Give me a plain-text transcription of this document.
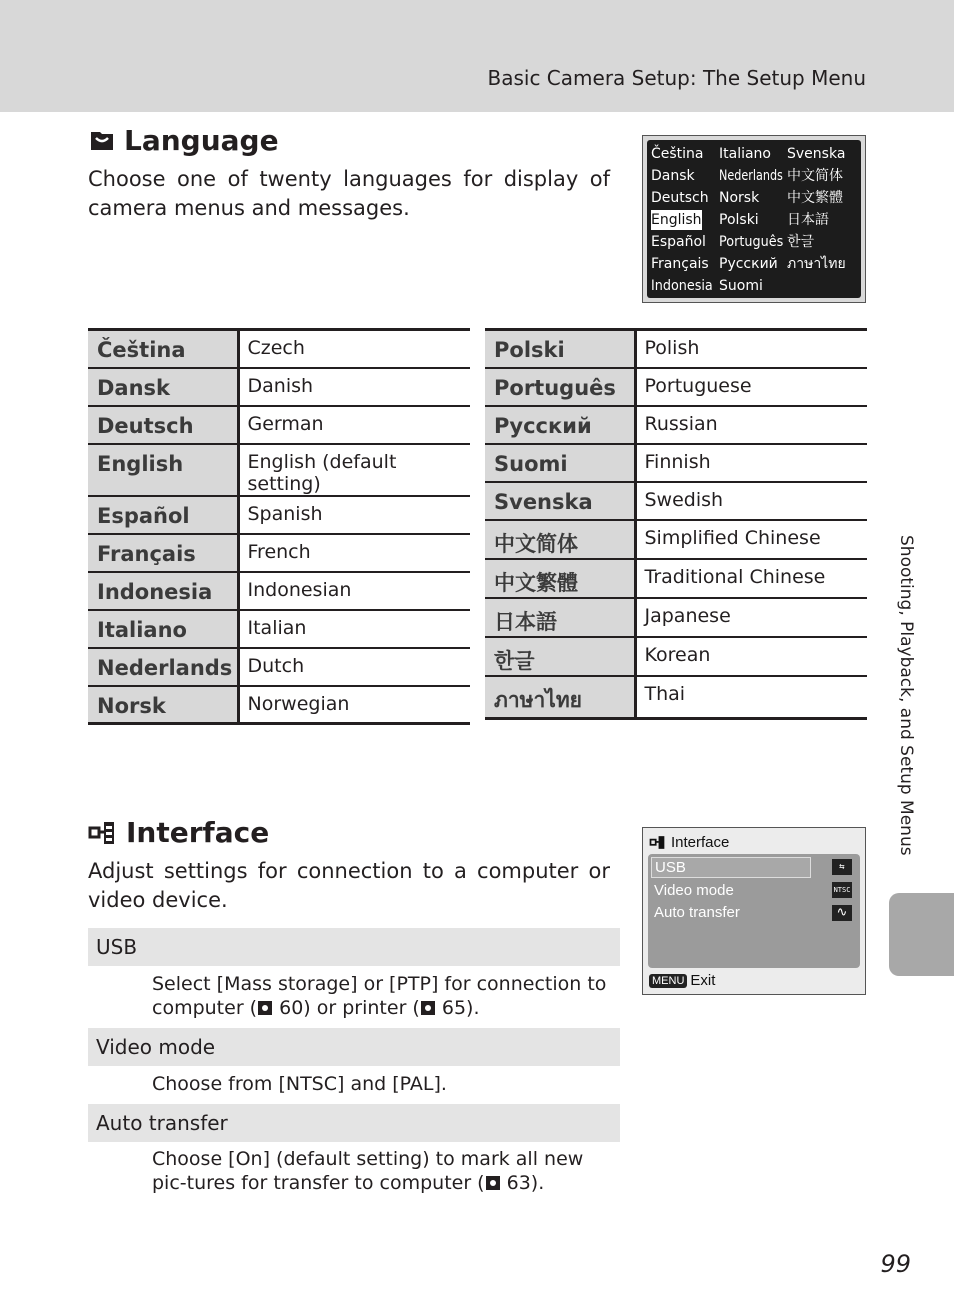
Basic Camera Setup: The Setup Menu
Language
Choose one of twenty languages for display of camera menus and messages.
Čeština
Dansk
Deutsch
English
Español
Français
Indonesia
Italiano
Nederlands
Norsk
Polski
Português
Русский
Suomi
Svenska
中文简体
中文繁體
日本語
한글
ภาษาไทย
Čeština	Czech
Dansk	Danish
Deutsch	German
English	English (default setting)
Español	Spanish
Français	French
Indonesia	Indonesian
Italiano	Italian
Nederlands	Dutch
Norsk	Norwegian
Polski	Polish
Português	Portuguese
Русский	Russian
Suomi	Finnish
Svenska	Swedish
中文简体	Simplified Chinese
中文繁體	Traditional Chinese
日本語	Japanese
한글	Korean
ภาษาไทย	Thai
Interface
Adjust settings for connection to a computer or video device.
Interface
USB
Video mode
Auto transfer
⇆
NTSC
∿
MENU Exit
USB
Select [Mass storage] or [PTP] for connection to computer ( 60) or printer ( 65).
Video mode
Choose from [NTSC] and [PAL].
Auto transfer
Choose [On] (default setting) to mark all new pic-tures for transfer to computer ( 63).
Shooting, Playback, and Setup Menus
99
